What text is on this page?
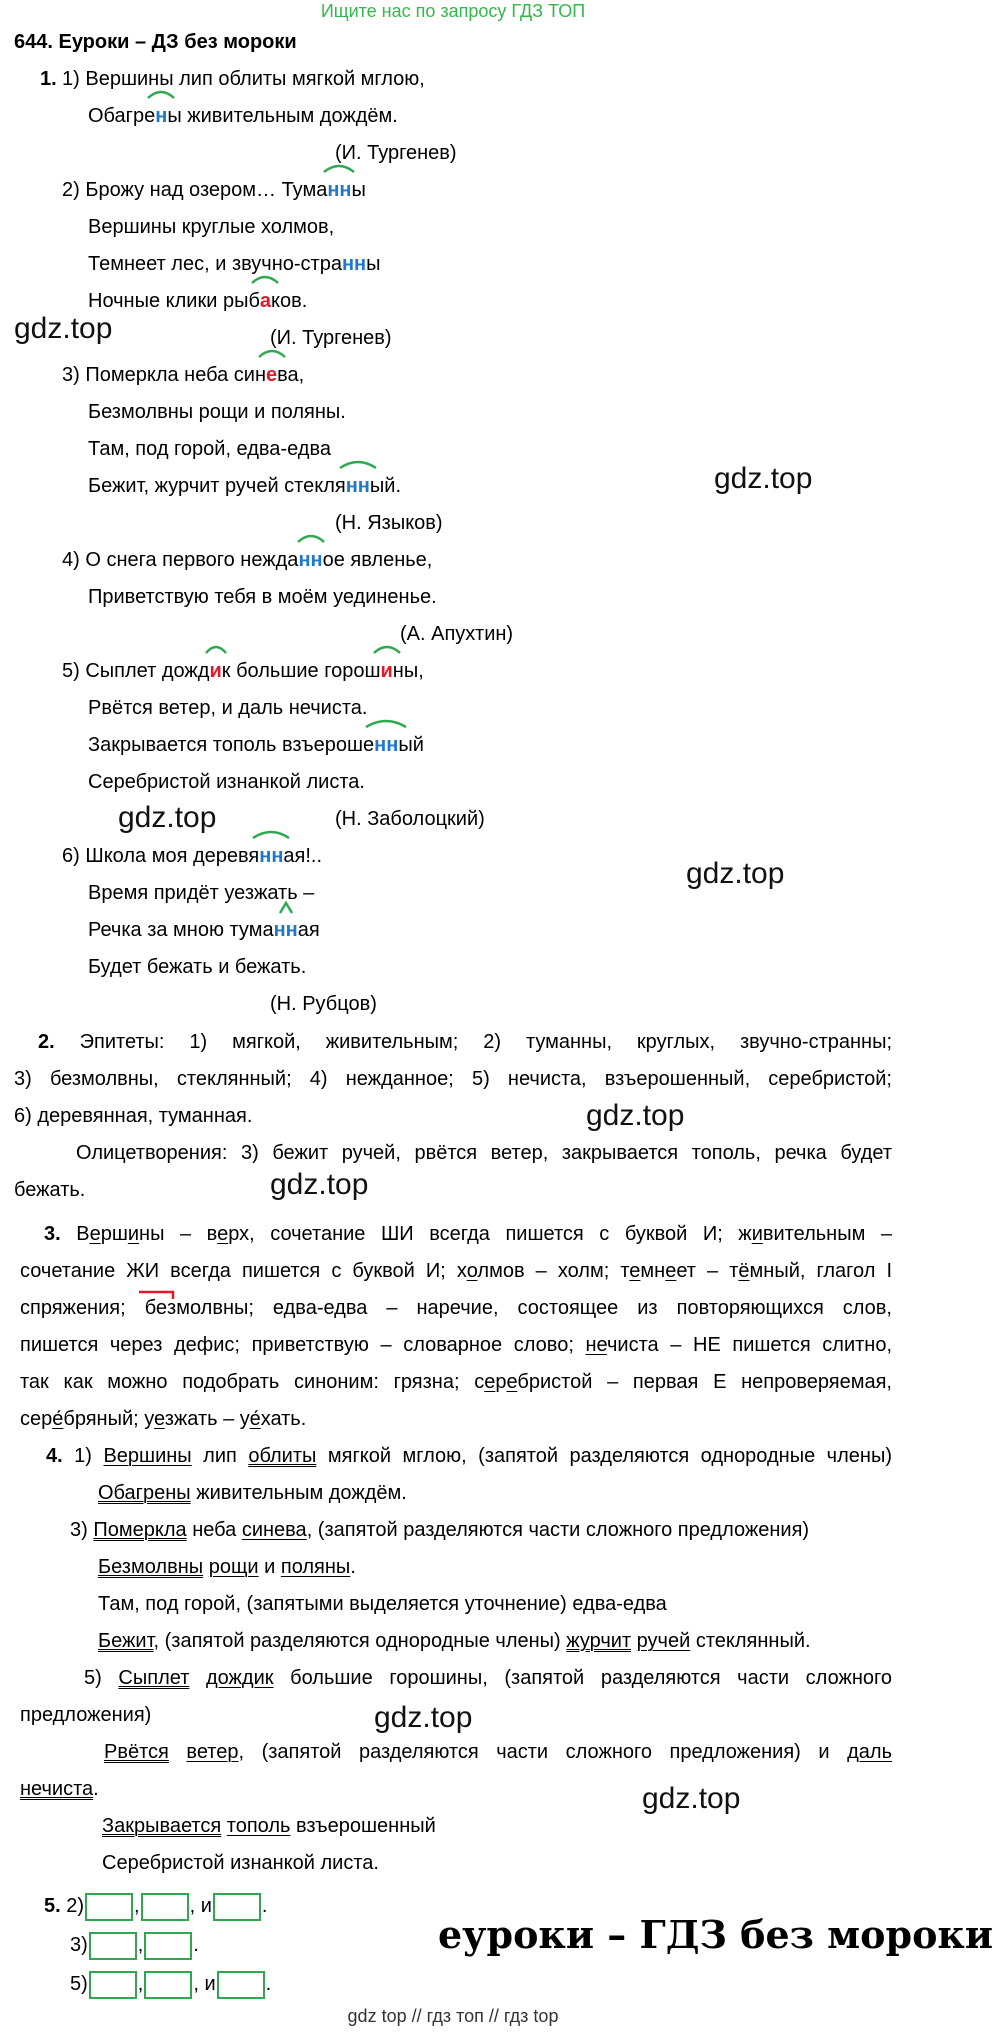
Ищите нас по запросу ГДЗ ТОП
644. Еуроки – ДЗ без мороки
1. 1) Вершины лип облиты мягкой мглою,
Обагрен
ы живительным дождём.
(И. Тургенев)
2) Брожу над озером… Туманн
ы
Вершины круглые холмов,
Темнеет лес, и звучно-странны
Ночные клики рыба
ков.
(И. Тургенев)
3) Померкла неба сине
ва,
Безмолвны рощи и поляны.
Там, под горой, едва-едва
Бежит, журчит ручей стеклянн
ый.
(Н. Языков)
4) О снега первого нежданн
ое явленье,
Приветствую тебя в моём уединенье.
(А. Апухтин)
5) Сыплет дожди
к большие гороши
ны,
Рвётся ветер, и даль нечиста.
Закрывается тополь взъерошенн
ый
Серебристой изнанкой листа.
(Н. Заболоцкий)
6) Школа моя деревянн
ая!..
Время придёт уезжать –
Речка за мною туманн
ая
Будет бежать и бежать.
(Н. Рубцов)
2. Эпитеты: 1) мягкой, живительным; 2) туманны, круглых, звучно-странны;
3) безмолвны, стеклянный; 4) нежданное; 5) нечиста, взъерошенный, серебристой;
6) деревянная, туманная.
Олицетворения: 3) бежит ручей, рвётся ветер, закрывается тополь, речка будет
бежать.
3. Вершины – верх, сочетание ШИ всегда пишется с буквой И; живительным –
сочетание ЖИ всегда пишется с буквой И; холмов – холм; темнеет – тёмный, глагол I
спряжения; бе
змолвны; едва-едва – наречие, состоящее из повторяющихся слов,
пишется через дефис; приветствую – словарное слово; нечиста – НЕ пишется слитно,
так как можно подобрать синоним: грязна; серебристой – первая Е непроверяемая,
сере́бряный; уезжать – уе́хать.
4. 1) Вершины лип облиты мягкой мглою, (запятой разделяются однородные члены)
Обагрены живительным дождём.
3) Померкла неба синева, (запятой разделяются части сложного предложения)
Безмолвны рощи и поляны.
Там, под горой, (запятыми выделяется уточнение) едва-едва
Бежит, (запятой разделяются однородные члены) журчит ручей стеклянный.
5) Сыплет дождик большие горошины, (запятой разделяются части сложного
предложения)
Рвётся ветер, (запятой разделяются части сложного предложения) и даль
нечиста.
Закрывается тополь взъерошенный
Серебристой изнанкой листа.
5. 2)	,	, и	.
3)	,	.
5)	,	, и	.
еуроки – ГДЗ без мороки
gdz.top
gdz.top
gdz.top
gdz.top
gdz.top
gdz.top
gdz.top
gdz.top
gdz top // гдз топ // гдз top
